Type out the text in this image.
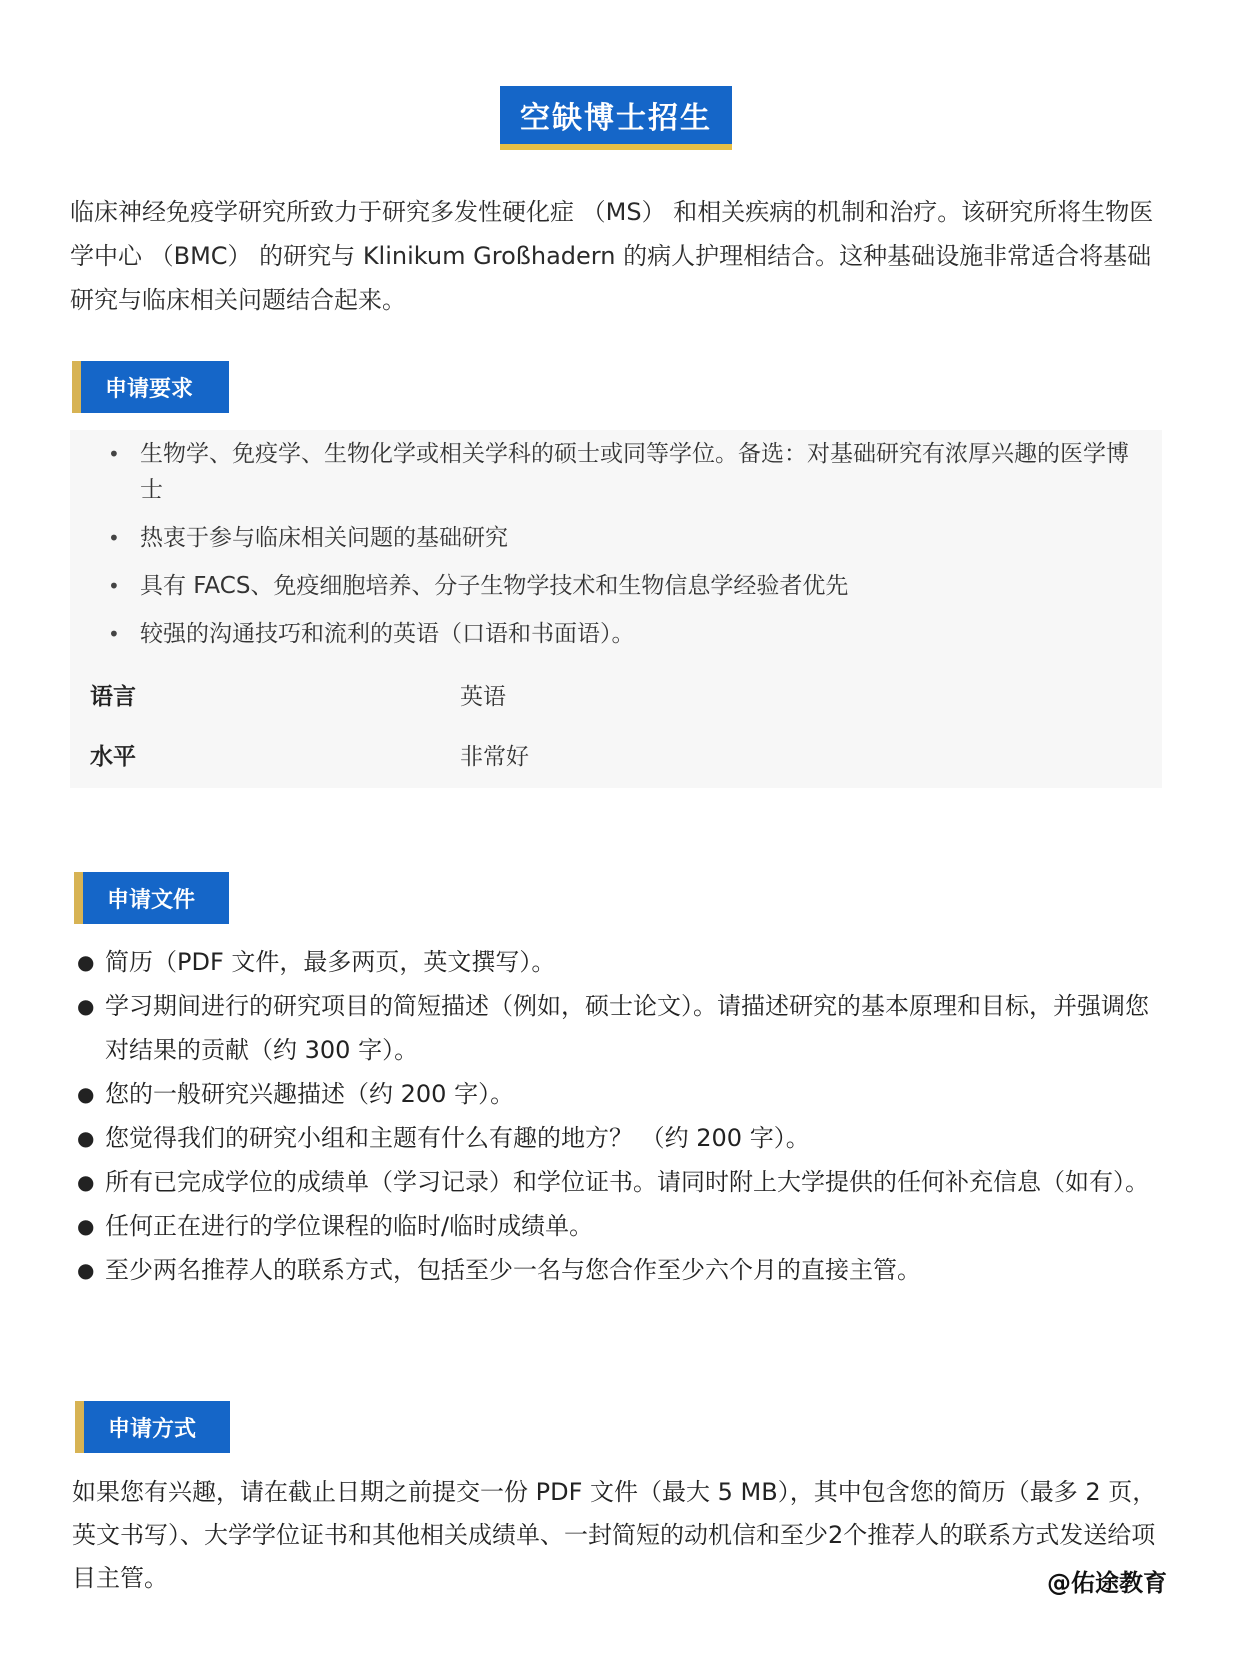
空缺博士招生

临床神经免疫学研究所致力于研究多发性硬化症 （MS） 和相关疾病的机制和治疗。该研究所将生物医学中心 （BMC） 的研究与 Klinikum Großhadern 的病人护理相结合。这种基础设施非常适合将基础研究与临床相关问题结合起来。

申请要求
• 生物学、免疫学、生物化学或相关学科的硕士或同等学位。备选：对基础研究有浓厚兴趣的医学博士
• 热衷于参与临床相关问题的基础研究
• 具有 FACS、免疫细胞培养、分子生物学技术和生物信息学经验者优先
• 较强的沟通技巧和流利的英语（口语和书面语）。
语言	英语
水平	非常好
申请文件
● 简历（PDF 文件，最多两页，英文撰写）。
● 学习期间进行的研究项目的简短描述（例如，硕士论文）。请描述研究的基本原理和目标，并强调您对结果的贡献（约 300 字）。
● 您的一般研究兴趣描述（约 200 字）。
● 您觉得我们的研究小组和主题有什么有趣的地方？ （约 200 字）。
● 所有已完成学位的成绩单（学习记录）和学位证书。请同时附上大学提供的任何补充信息（如有）。
● 任何正在进行的学位课程的临时/临时成绩单。
● 至少两名推荐人的联系方式，包括至少一名与您合作至少六个月的直接主管。
申请方式

如果您有兴趣，请在截止日期之前提交一份 PDF 文件（最大 5 MB），其中包含您的简历（最多 2 页，英文书写）、大学学位证书和其他相关成绩单、一封简短的动机信和至少2个推荐人的联系方式发送给项目主管。	@佑途教育
